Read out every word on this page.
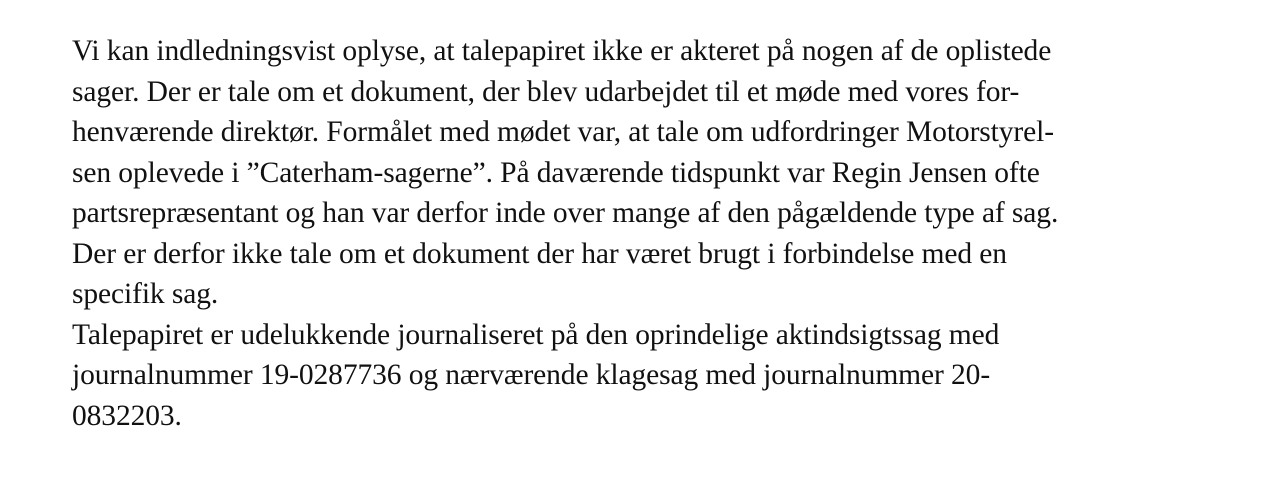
Vi kan indledningsvist oplyse, at talepapiret ikke er akteret på nogen af de oplistede
sager. Der er tale om et dokument, der blev udarbejdet til et møde med vores for-
henværende direktør. Formålet med mødet var, at tale om udfordringer Motorstyrel-
sen oplevede i ”Caterham-sagerne”. På daværende tidspunkt var Regin Jensen ofte
partsrepræsentant og han var derfor inde over mange af den pågældende type af sag.
Der er derfor ikke tale om et dokument der har været brugt i forbindelse med en
specifik sag.
Talepapiret er udelukkende journaliseret på den oprindelige aktindsigtssag med
journalnummer 19-0287736 og nærværende klagesag med journalnummer 20-
0832203.
